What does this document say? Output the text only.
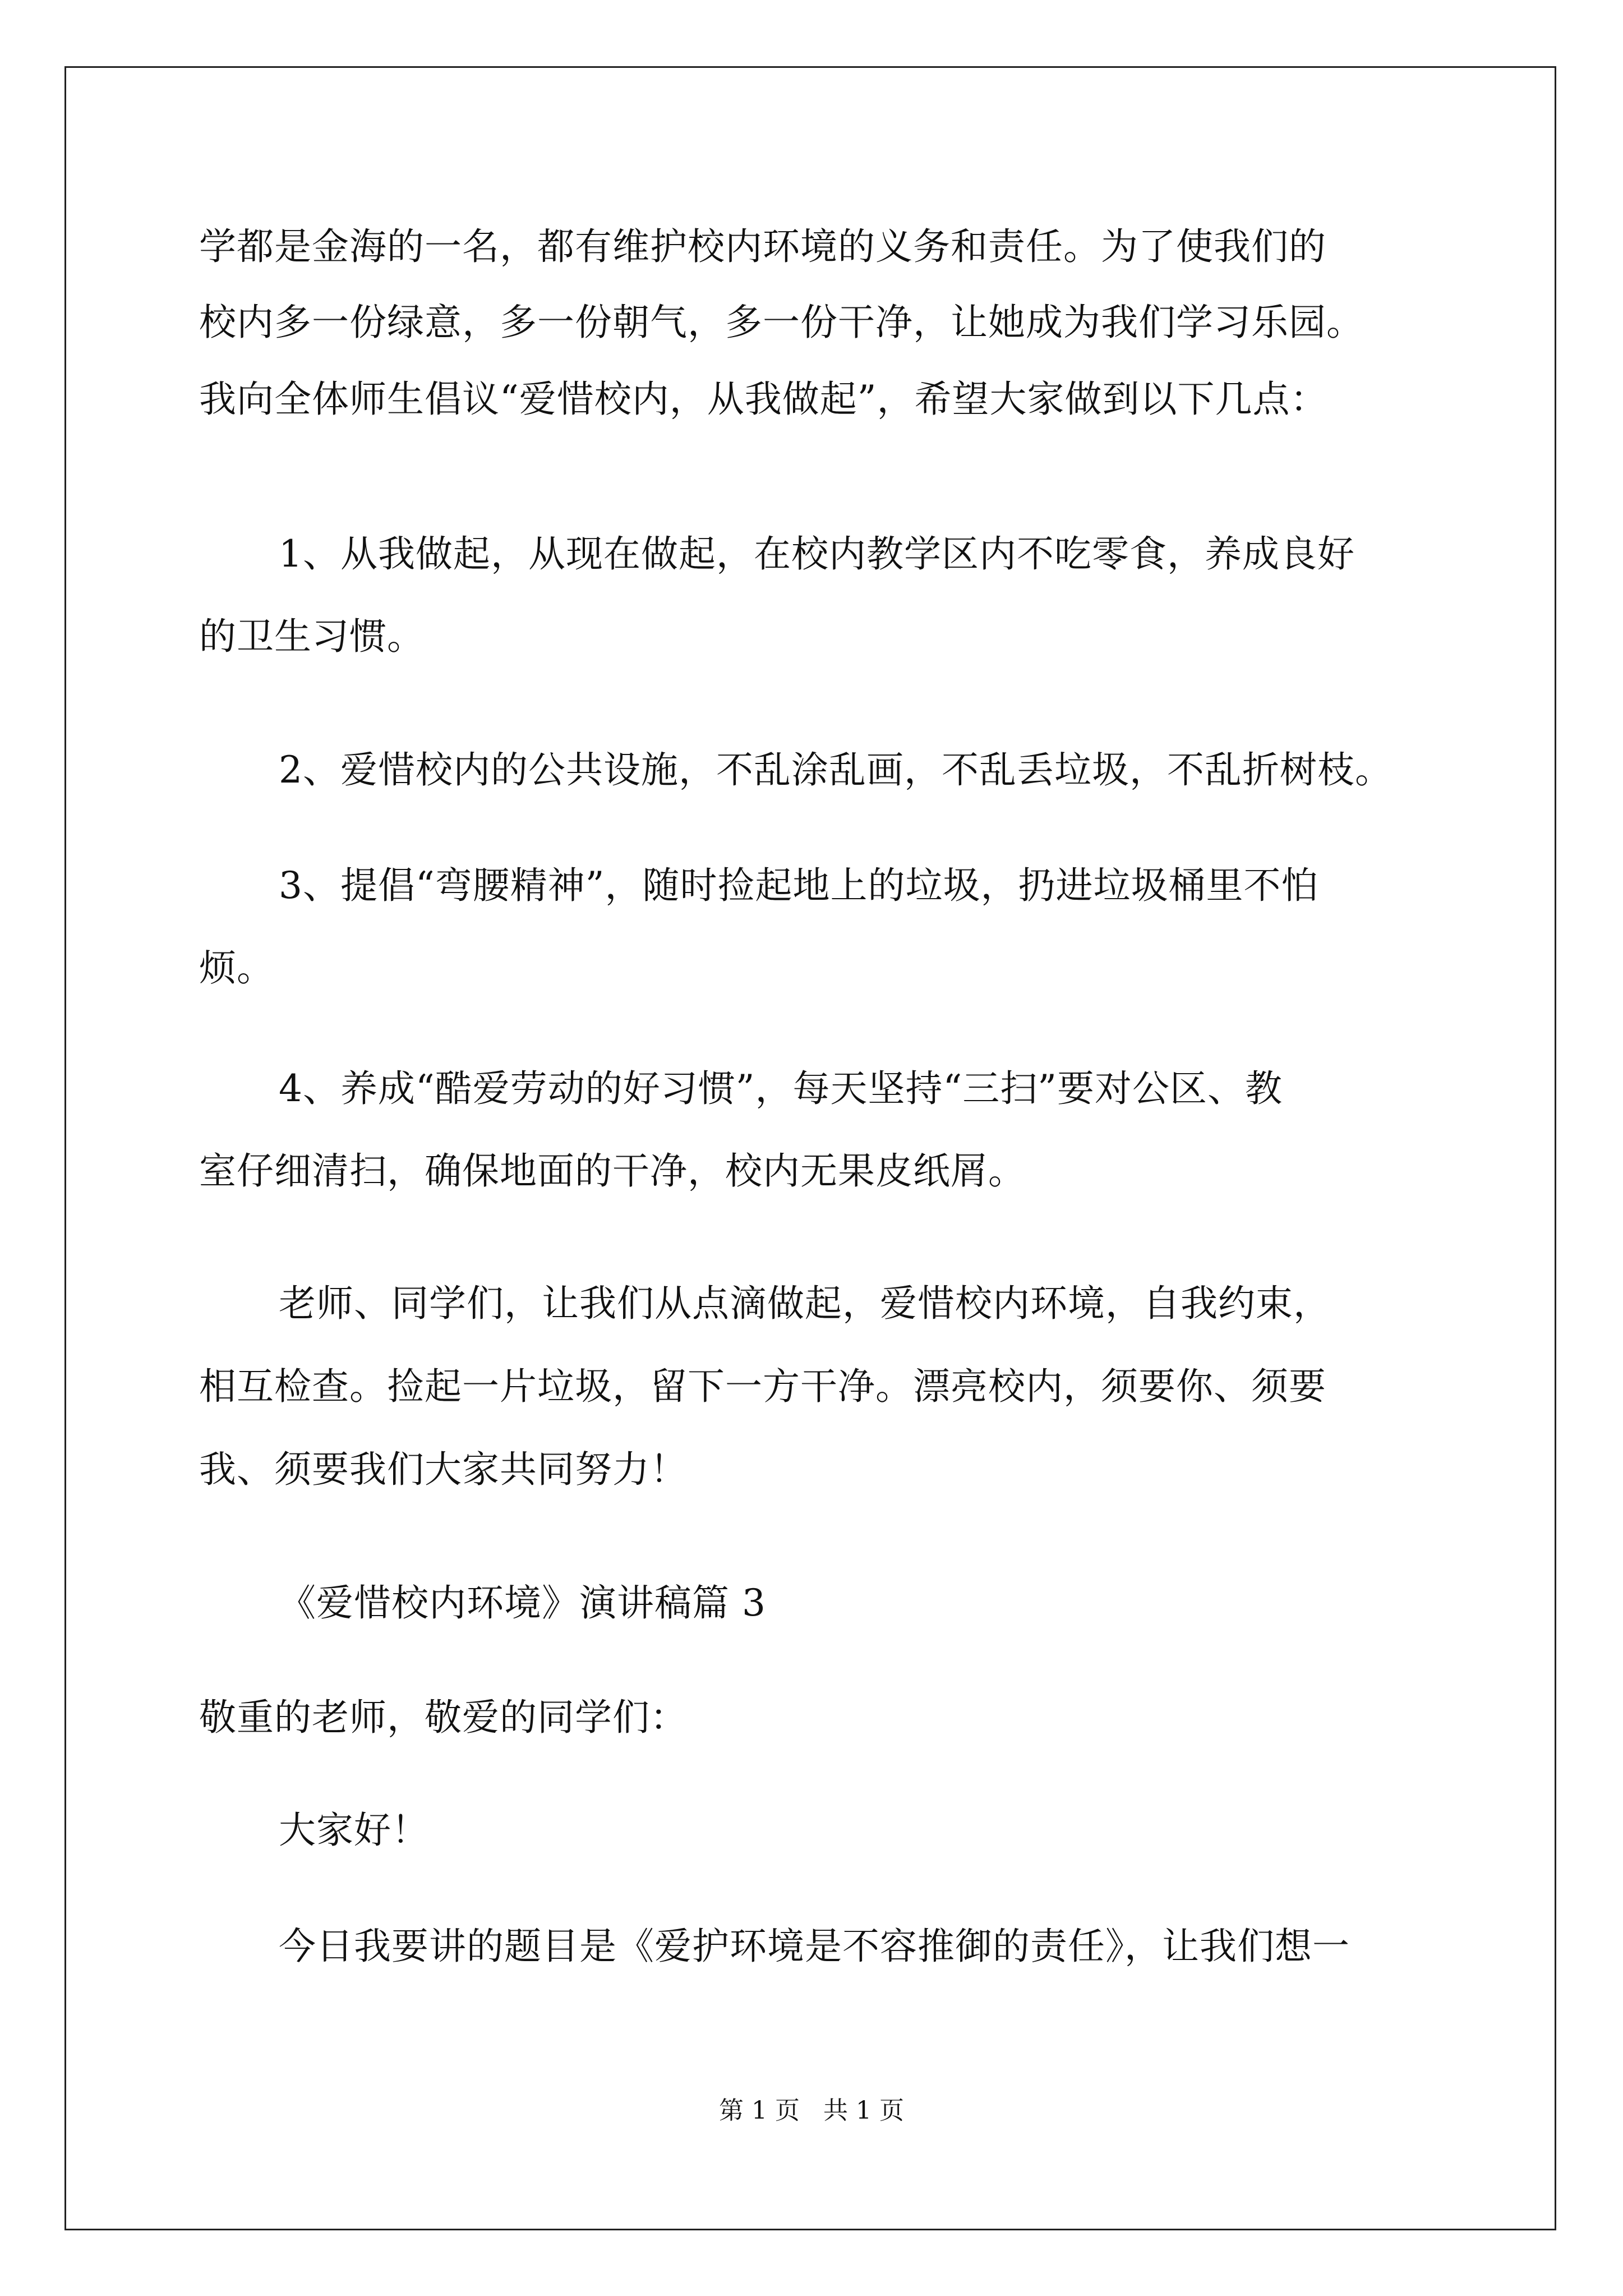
学都是金海的一名，都有维护校内环境的义务和责任。为了使我们的
校内多一份绿意，多一份朝气，多一份干净，让她成为我们学习乐园。
我向全体师生倡议“爱惜校内，从我做起”，希望大家做到以下几点：
1、从我做起，从现在做起，在校内教学区内不吃零食，养成良好
的卫生习惯。
2、爱惜校内的公共设施，不乱涂乱画，不乱丢垃圾，不乱折树枝。
3、提倡“弯腰精神”，随时捡起地上的垃圾，扔进垃圾桶里不怕
烦。
4、养成“酷爱劳动的好习惯”，每天坚持“三扫”要对公区、教
室仔细清扫，确保地面的干净，校内无果皮纸屑。
老师、同学们，让我们从点滴做起，爱惜校内环境，自我约束，
相互检查。捡起一片垃圾，留下一方干净。漂亮校内，须要你、须要
我、须要我们大家共同努力！
《爱惜校内环境》演讲稿篇 3
敬重的老师，敬爱的同学们：
大家好！
今日我要讲的题目是《爱护环境是不容推御的责任》，让我们想一
第 1 页 共 1 页
